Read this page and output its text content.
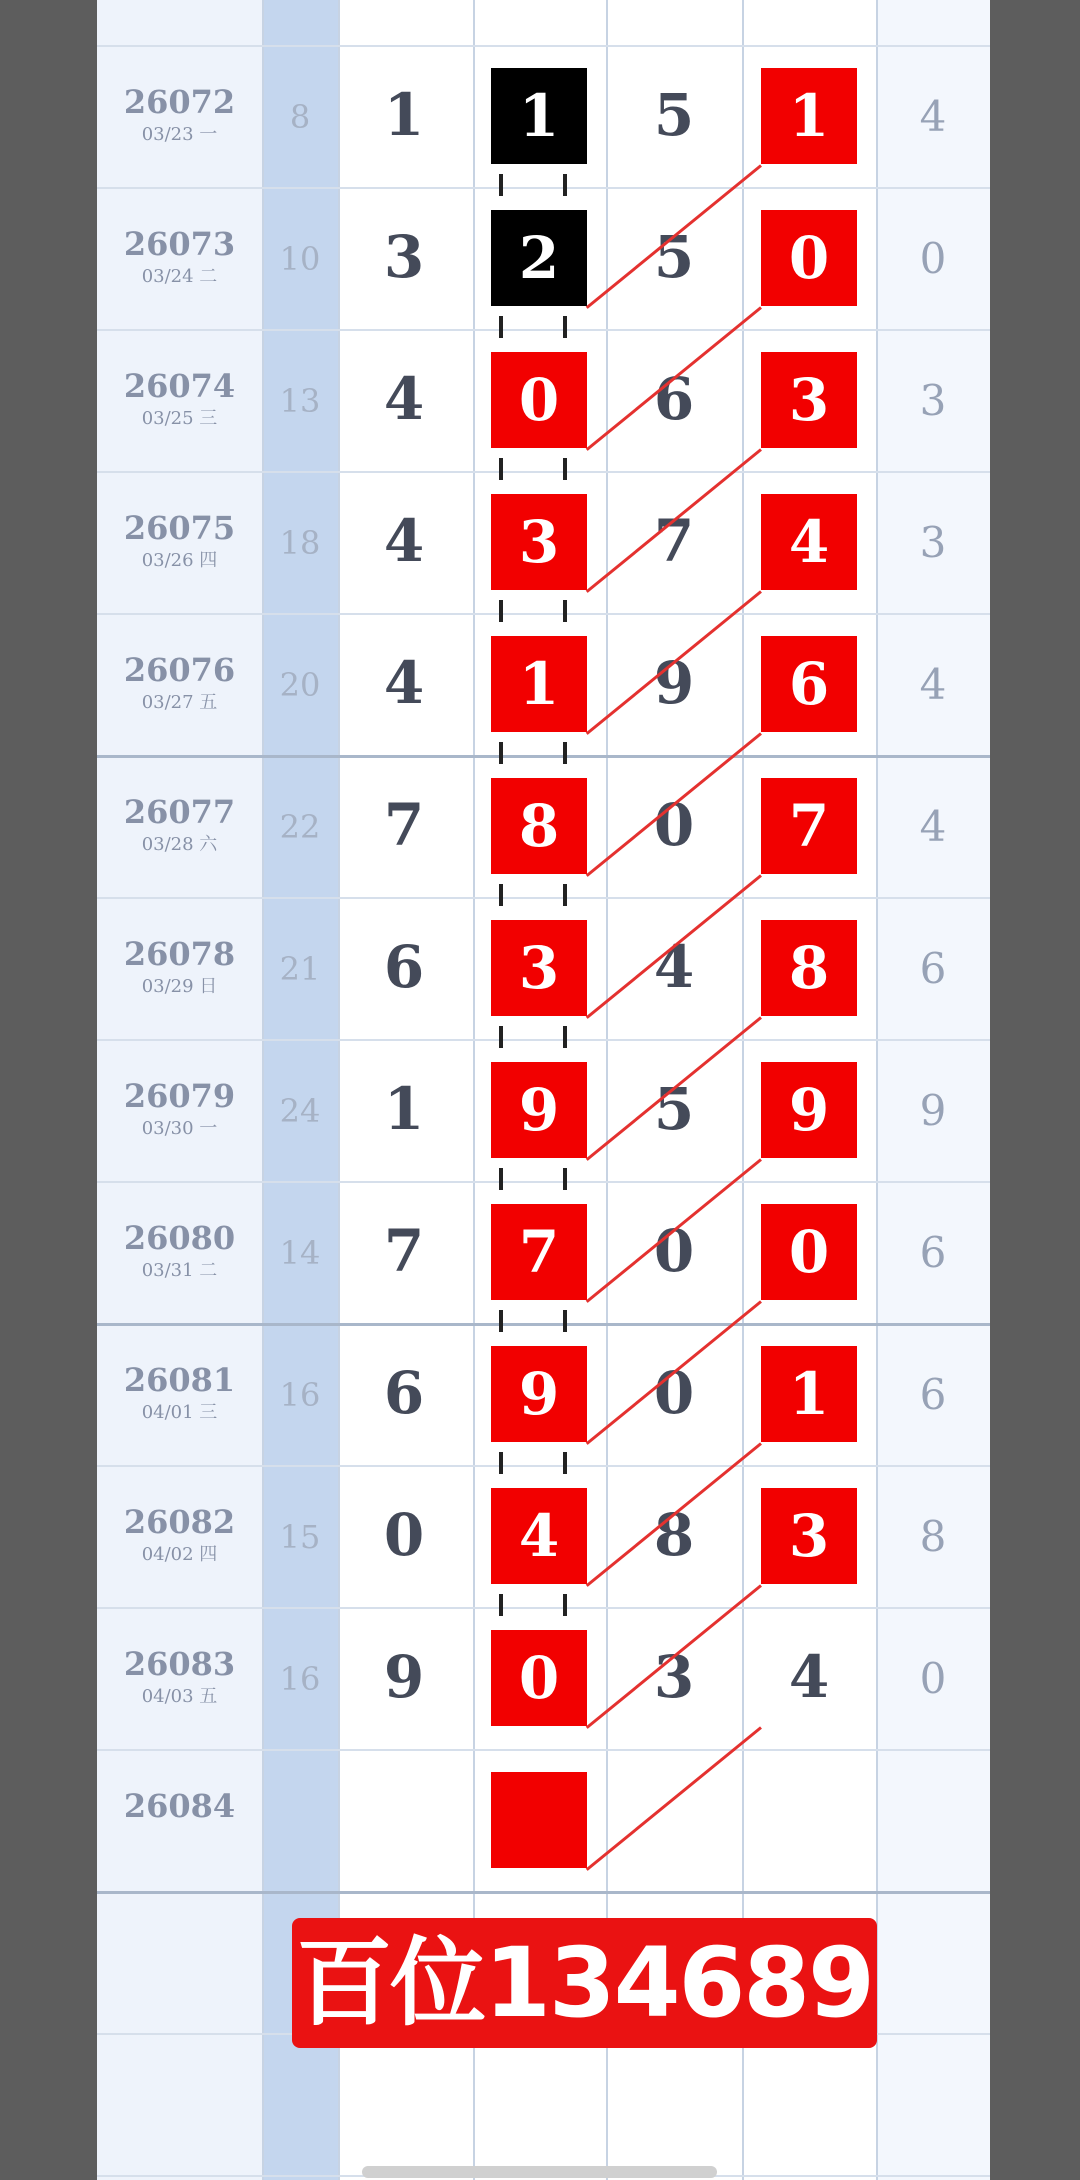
26072
03/23 一	8	1	1	5	1	4
26073
03/24 二	10	3	2	5	0	0
26074
03/25 三	13	4	0	6	3	3
26075
03/26 四	18	4	3	7	4	3
26076
03/27 五	20	4	1	9	6	4
26077
03/28 六	22	7	8	0	7	4
26078
03/29 日	21	6	3	4	8	6
26079
03/30 一	24	1	9	5	9	9
26080
03/31 二	14	7	7	0	0	6
26081
04/01 三	16	6	9	0	1	6
26082
04/02 四	15	0	4	8	3	8
26083
04/03 五	16	9	0	3	4	0
26084
百位134689
